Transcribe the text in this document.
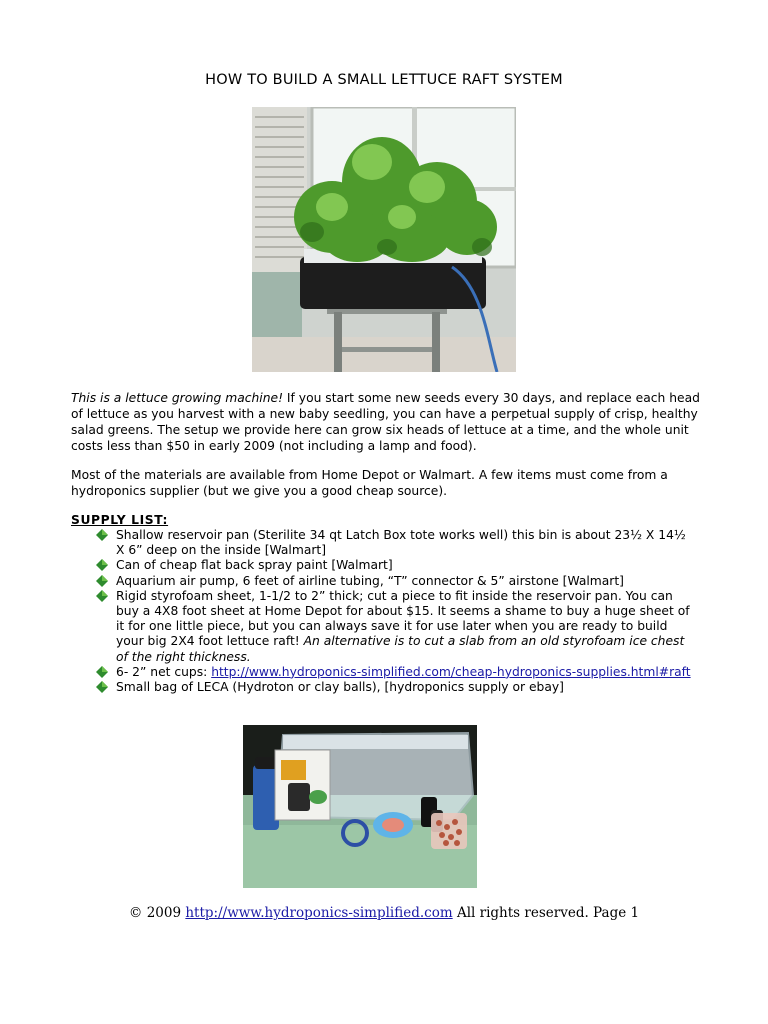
HOW TO BUILD A SMALL LETTUCE RAFT SYSTEM

This is a lettuce growing machine! If you start some new seeds every 30 days, and replace each head of lettuce as you harvest with a new baby seedling, you can have a perpetual supply of crisp, healthy salad greens. The setup we provide here can grow six heads of lettuce at a time, and the whole unit costs less than $50 in early 2009 (not including a lamp and food).

Most of the materials are available from Home Depot or Walmart. A few items must come from a hydroponics supplier (but we give you a good cheap source).

SUPPLY LIST:
Shallow reservoir pan (Sterilite 34 qt Latch Box tote works well) this bin is about 23½ X 14½ X 6” deep on the inside [Walmart]
Can of cheap flat back spray paint [Walmart]
Aquarium air pump, 6 feet of airline tubing, “T” connector & 5” airstone [Walmart]
Rigid styrofoam sheet, 1-1/2 to 2” thick; cut a piece to fit inside the reservoir pan. You can buy a 4X8 foot sheet at Home Depot for about $15. It seems a shame to buy a huge sheet of it for one little piece, but you can always save it for use later when you are ready to build your big 2X4 foot lettuce raft! An alternative is to cut a slab from an old styrofoam ice chest of the right thickness.
6- 2” net cups: http://www.hydroponics-simplified.com/cheap-hydroponics-supplies.html#raft
Small bag of LECA (Hydroton or clay balls), [hydroponics supply or ebay]
© 2009 http://www.hydroponics-simplified.com All rights reserved. Page 1
